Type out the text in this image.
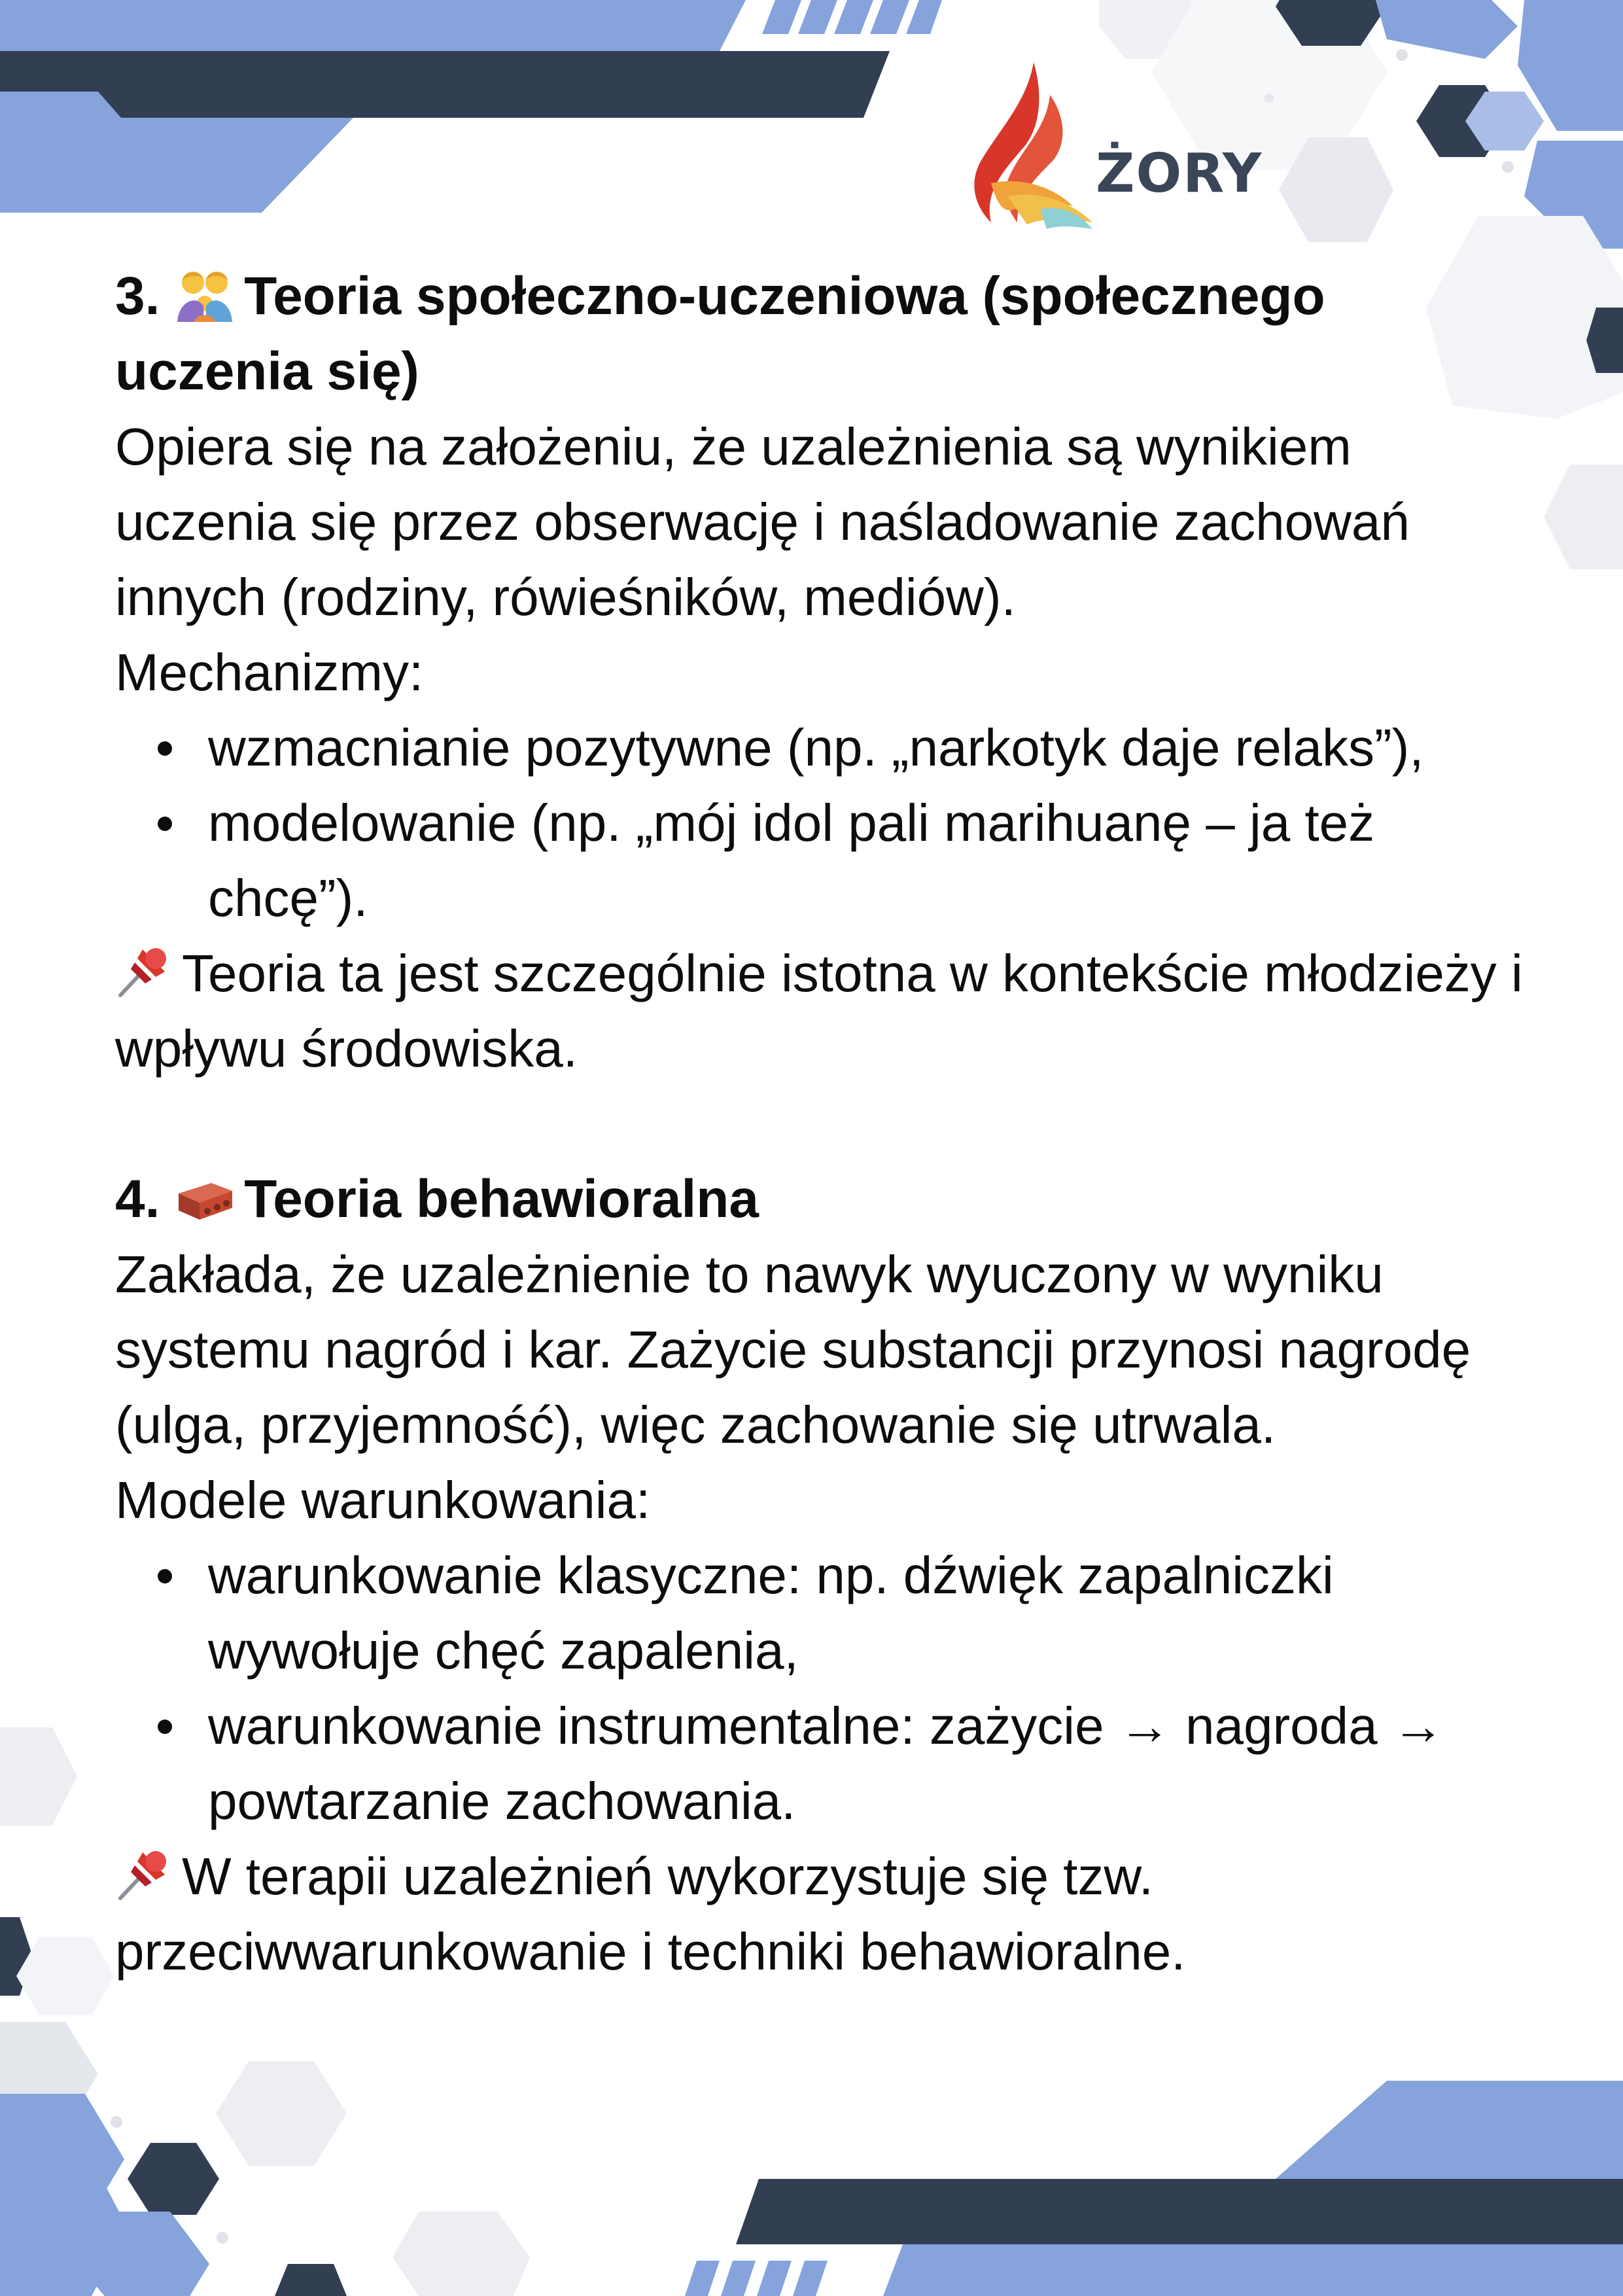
ŻORY

3. Teoria społeczno-uczeniowa (społecznego uczenia się)

Opiera się na założeniu, że uzależnienia są wynikiem uczenia się przez obserwację i naśladowanie zachowań innych (rodziny, rówieśników, mediów).

Mechanizmy:

wzmacnianie pozytywne (np. „narkotyk daje relaks”),
modelowanie (np. „mój idol pali marihuanę – ja też chcę”).

Teoria ta jest szczególnie istotna w kontekście młodzieży i wpływu środowiska.

4. Teoria behawioralna

Zakłada, że uzależnienie to nawyk wyuczony w wyniku systemu nagród i kar. Zażycie substancji przynosi nagrodę (ulga, przyjemność), więc zachowanie się utrwala.

Modele warunkowania:

warunkowanie klasyczne: np. dźwięk zapalniczki wywołuje chęć zapalenia,
warunkowanie instrumentalne: zażycie → nagroda → powtarzanie zachowania.

W terapii uzależnień wykorzystuje się tzw. przeciwwarunkowanie i techniki behawioralne.
